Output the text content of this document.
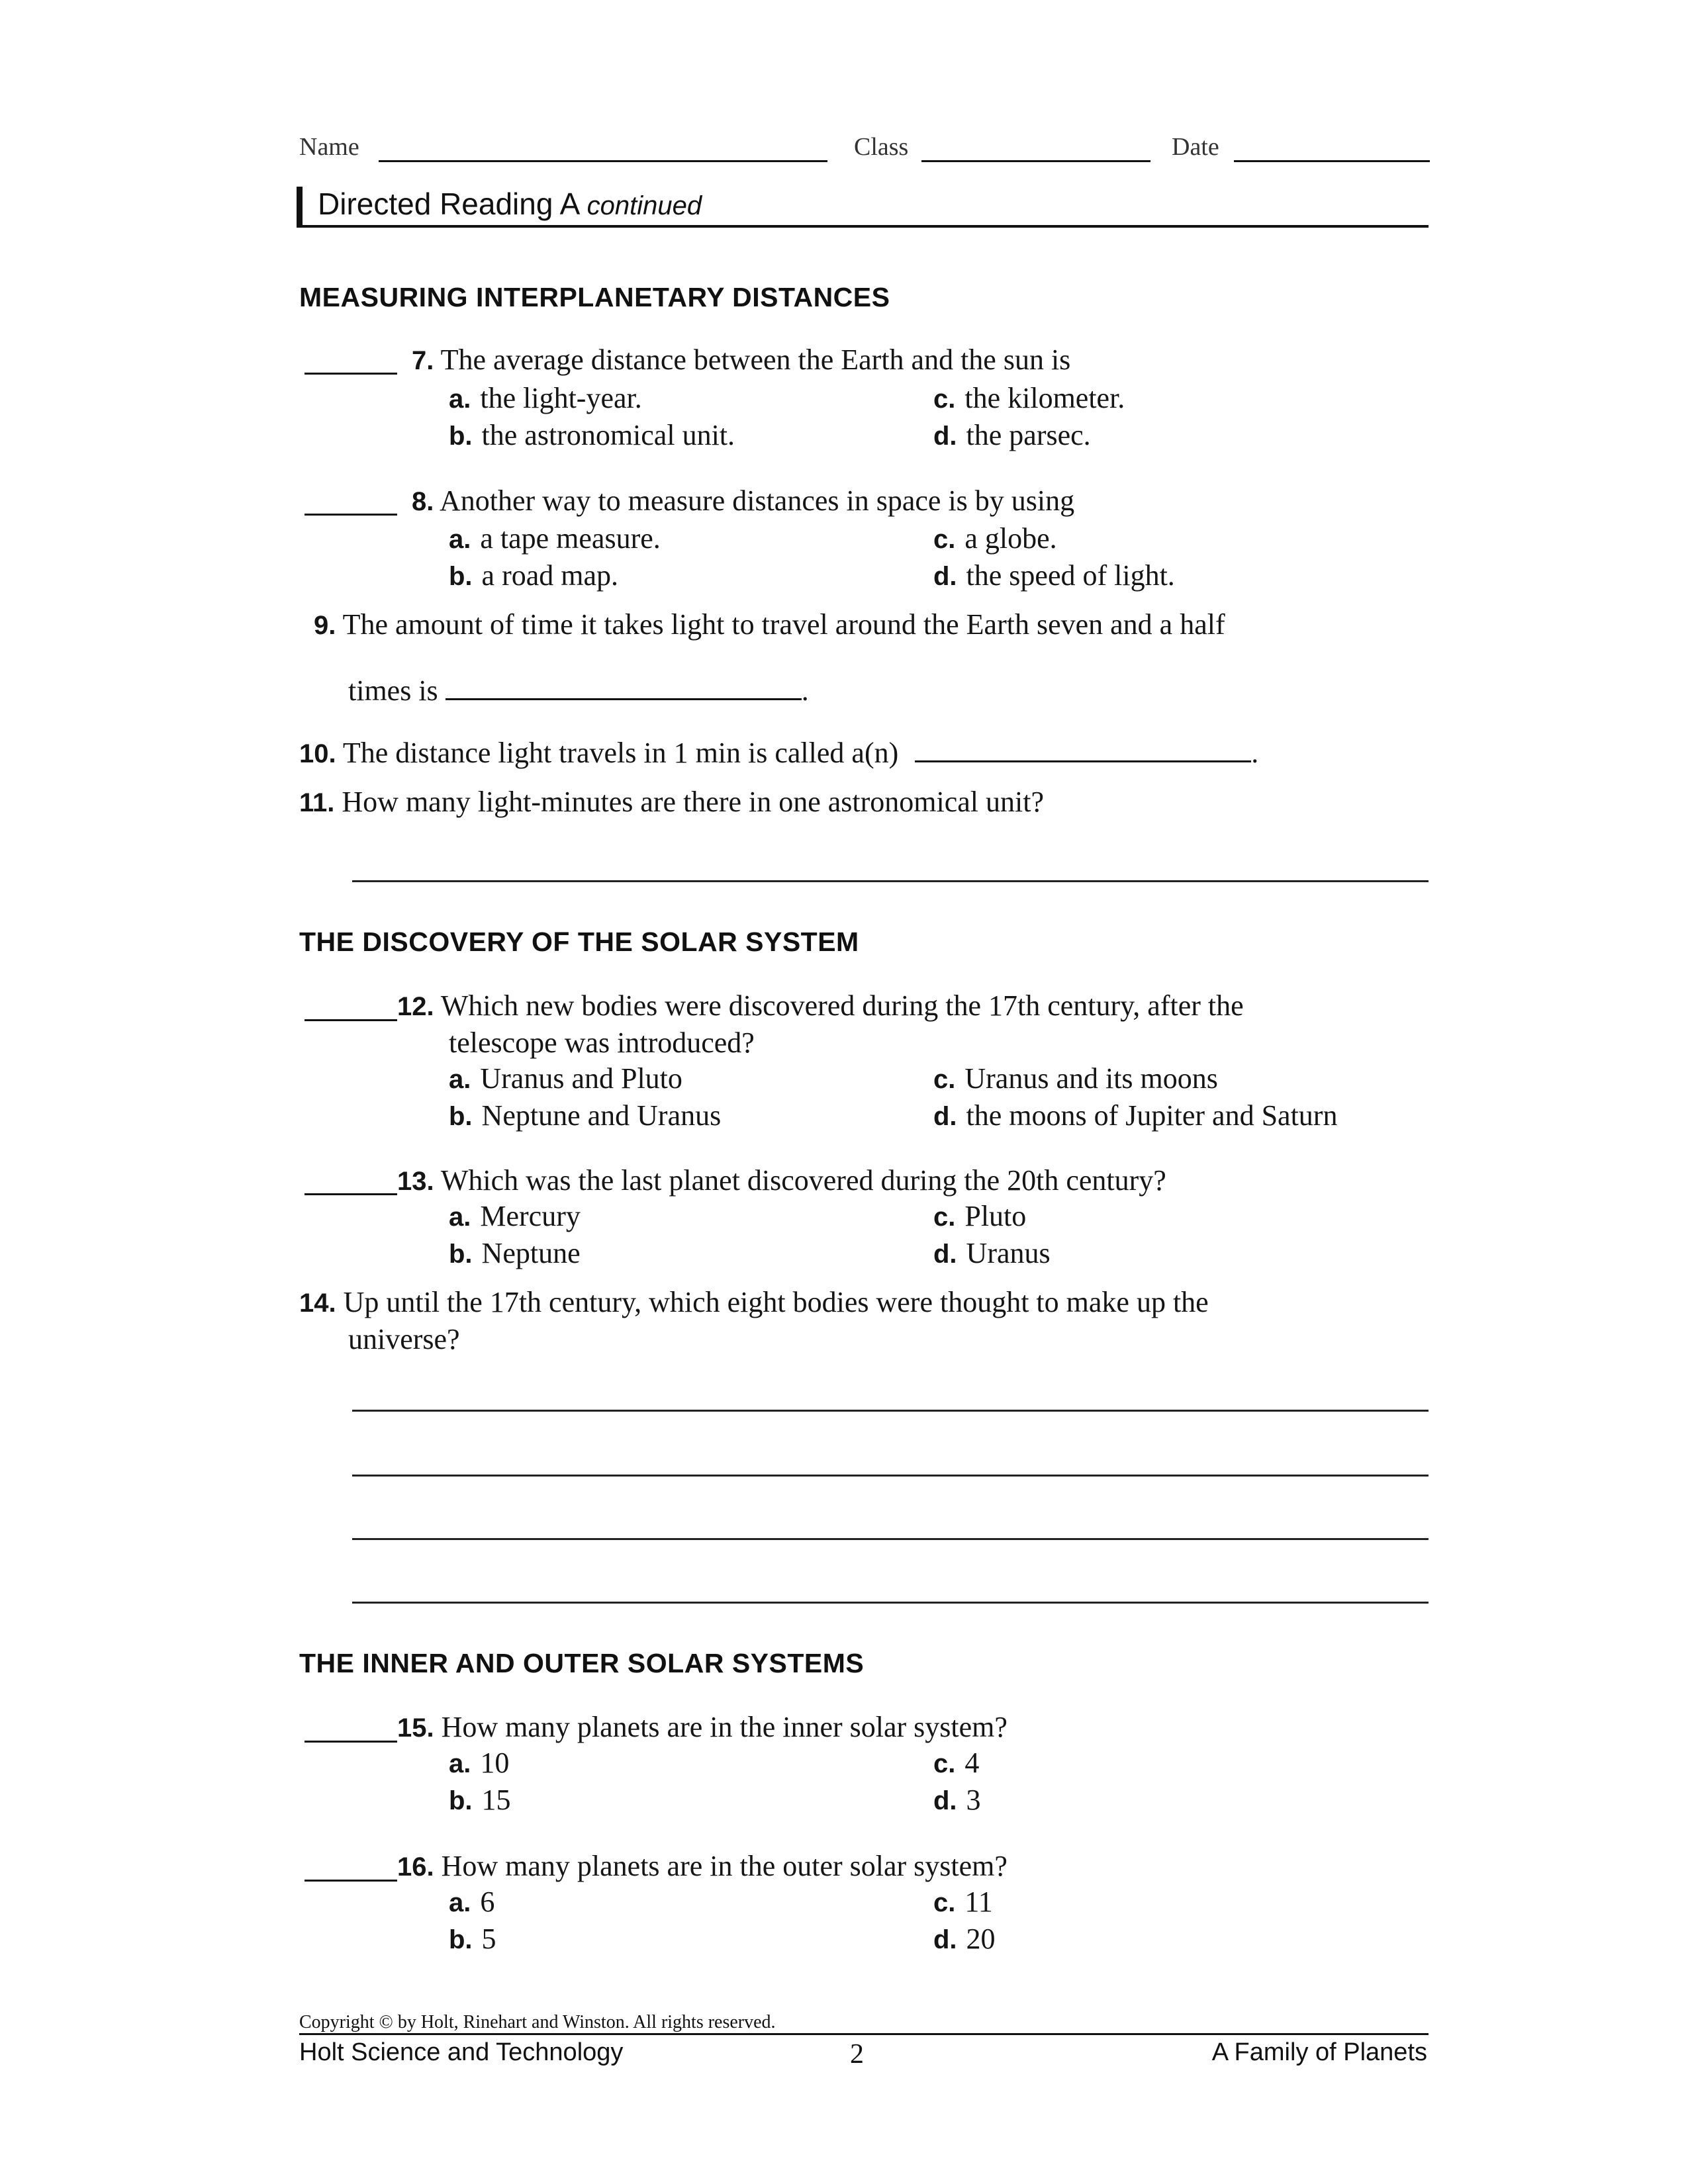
Name	Class	Date
Directed Reading A continued
MEASURING INTERPLANETARY DISTANCES
7. The average distance between the Earth and the sun is
a. the light-year.	c. the kilometer.
b. the astronomical unit.	d. the parsec.
8. Another way to measure distances in space is by using
a. a tape measure.	c. a globe.
b. a road map.	d. the speed of light.
9. The amount of time it takes light to travel around the Earth seven and a half
times is	.
10. The distance light travels in 1 min is called a(n)	.
11. How many light-minutes are there in one astronomical unit?
THE DISCOVERY OF THE SOLAR SYSTEM
12. Which new bodies were discovered during the 17th century, after the
telescope was introduced?
a. Uranus and Pluto	c. Uranus and its moons
b. Neptune and Uranus	d. the moons of Jupiter and Saturn
13. Which was the last planet discovered during the 20th century?
a. Mercury	c. Pluto
b. Neptune	d. Uranus
14. Up until the 17th century, which eight bodies were thought to make up the
universe?
THE INNER AND OUTER SOLAR SYSTEMS
15. How many planets are in the inner solar system?
a. 10	c. 4
b. 15	d. 3
16. How many planets are in the outer solar system?
a. 6	c. 11
b. 5	d. 20
Copyright © by Holt, Rinehart and Winston. All rights reserved.
Holt Science and Technology	2	A Family of Planets
